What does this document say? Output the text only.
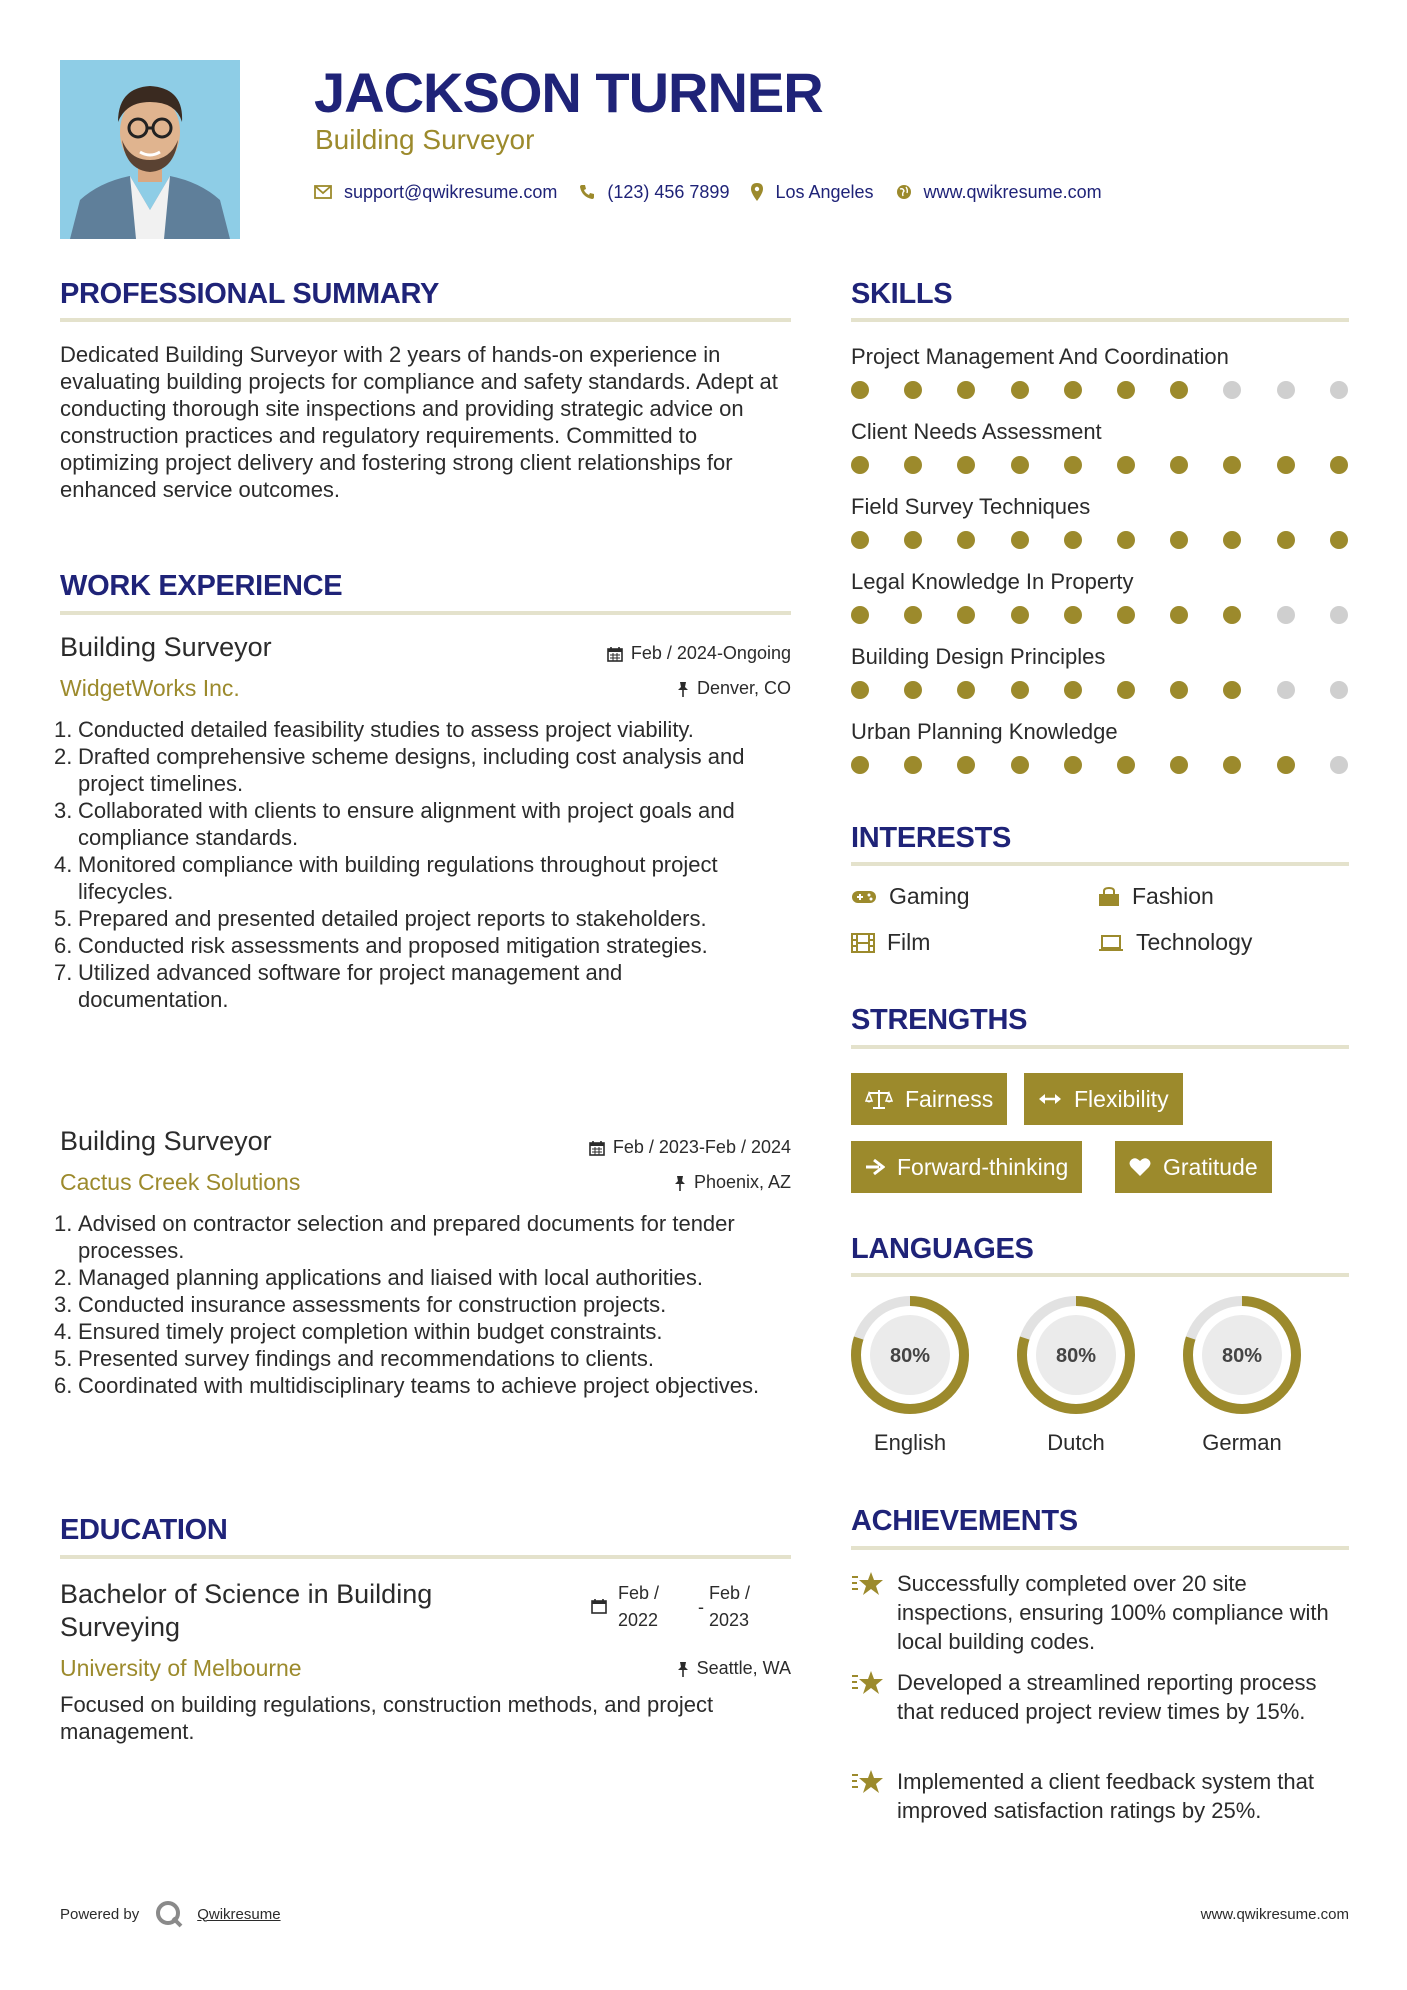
JACKSON TURNER
Building Surveyor
support@qwikresume.com	(123) 456 7899	Los Angeles	www.qwikresume.com
PROFESSIONAL SUMMARY
Dedicated Building Surveyor with 2 years of hands-on experience in evaluating building projects for compliance and safety standards. Adept at conducting thorough site inspections and providing strategic advice on construction practices and regulatory requirements. Committed to optimizing project delivery and fostering strong client relationships for enhanced service outcomes.
WORK EXPERIENCE
Building Surveyor	Feb / 2024-Ongoing
WidgetWorks Inc.	Denver, CO
Conducted detailed feasibility studies to assess project viability.
Drafted comprehensive scheme designs, including cost analysis and project timelines.
Collaborated with clients to ensure alignment with project goals and compliance standards.
Monitored compliance with building regulations throughout project lifecycles.
Prepared and presented detailed project reports to stakeholders.
Conducted risk assessments and proposed mitigation strategies.
Utilized advanced software for project management and documentation.
Building Surveyor	Feb / 2023-Feb / 2024
Cactus Creek Solutions	Phoenix, AZ
Advised on contractor selection and prepared documents for tender processes.
Managed planning applications and liaised with local authorities.
Conducted insurance assessments for construction projects.
Ensured timely project completion within budget constraints.
Presented survey findings and recommendations to clients.
Coordinated with multidisciplinary teams to achieve project objectives.
EDUCATION
Bachelor of Science in Building Surveying
Feb /
2022
-
Feb /
2023
University of Melbourne	Seattle, WA
Focused on building regulations, construction methods, and project management.
SKILLS
Project Management And Coordination
Client Needs Assessment
Field Survey Techniques
Legal Knowledge In Property
Building Design Principles
Urban Planning Knowledge
INTERESTS
Gaming	Fashion
Film	Technology
STRENGTHS
Fairness	Flexibility
Forward-thinking	Gratitude
LANGUAGES
80%
English
80%
Dutch
80%
German
ACHIEVEMENTS
Successfully completed over 20 site inspections, ensuring 100% compliance with local building codes.
Developed a streamlined reporting process that reduced project review times by 15%.
Implemented a client feedback system that improved satisfaction ratings by 25%.
Powered by	Qwikresume	www.qwikresume.com
